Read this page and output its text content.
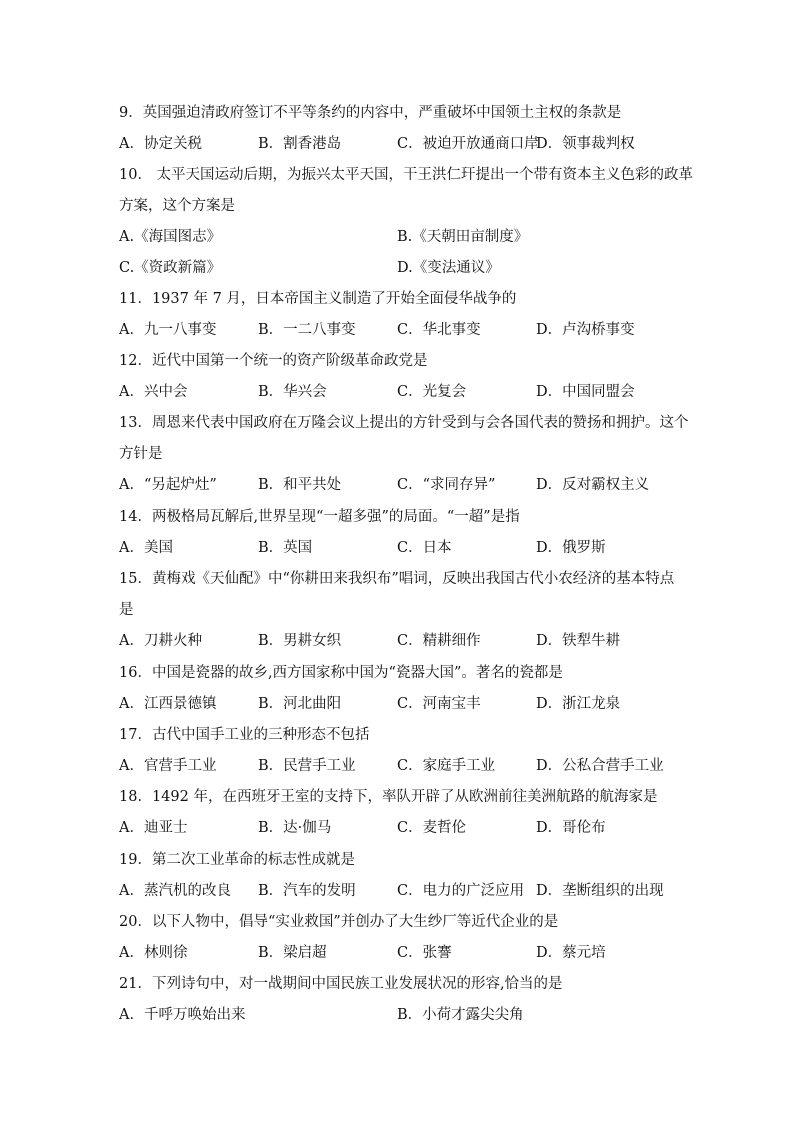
9．英国强迫清政府签订不平等条约的内容中，严重破坏中国领土主权的条款是
A．协定关税	B．割香港岛	C．被迫开放通商口岸
D．领事裁判权
10． 太平天国运动后期，为振兴太平天国，干王洪仁玕提出一个带有资本主义色彩的政革
方案，这个方案是
A.《海国图志》	B.《天朝田亩制度》
C.《资政新篇》	D.《变法通议》
11．1937 年 7 月，日本帝国主义制造了开始全面侵华战争的
A．九一八事变	B．一二八事变	C．华北事变	D．卢沟桥事变
12．近代中国第一个统一的资产阶级革命政党是
A．兴中会	B．华兴会	C．光复会	D．中国同盟会
13．周恩来代表中国政府在万隆会议上提出的方针受到与会各国代表的赞扬和拥护。这个
方针是
A．“另起炉灶”	B．和平共处	C．“求同存异”	D．反对霸权主义
14．两极格局瓦解后,世界呈现“一超多强”的局面。“一超”是指
A．美国	B．英国	C．日本	D．俄罗斯
15．黄梅戏《天仙配》中“你耕田来我织布”唱词，反映出我国古代小农经济的基本特点
是
A．刀耕火种	B．男耕女织	C．精耕细作	D．铁犁牛耕
16．中国是瓷器的故乡,西方国家称中国为“瓷器大国”。著名的瓷都是
A．江西景德镇	B．河北曲阳	C．河南宝丰	D．浙江龙泉
17．古代中国手工业的三种形态不包括
A．官营手工业	B．民营手工业	C．家庭手工业	D．公私合营手工业
18．1492 年，在西班牙王室的支持下，率队开辟了从欧洲前往美洲航路的航海家是
A．迪亚士	B．达·伽马	C．麦哲伦	D．哥伦布
19．第二次工业革命的标志性成就是
A．蒸汽机的改良	B．汽车的发明	C．电力的广泛应用 D．垄断组织的出现
20．以下人物中，倡导“实业救国”并创办了大生纱厂等近代企业的是
A．林则徐	B．梁启超	C．张謇	D．蔡元培
21．下列诗句中，对一战期间中国民族工业发展状况的形容,恰当的是
A．千呼万唤始出来	B．小荷才露尖尖角
